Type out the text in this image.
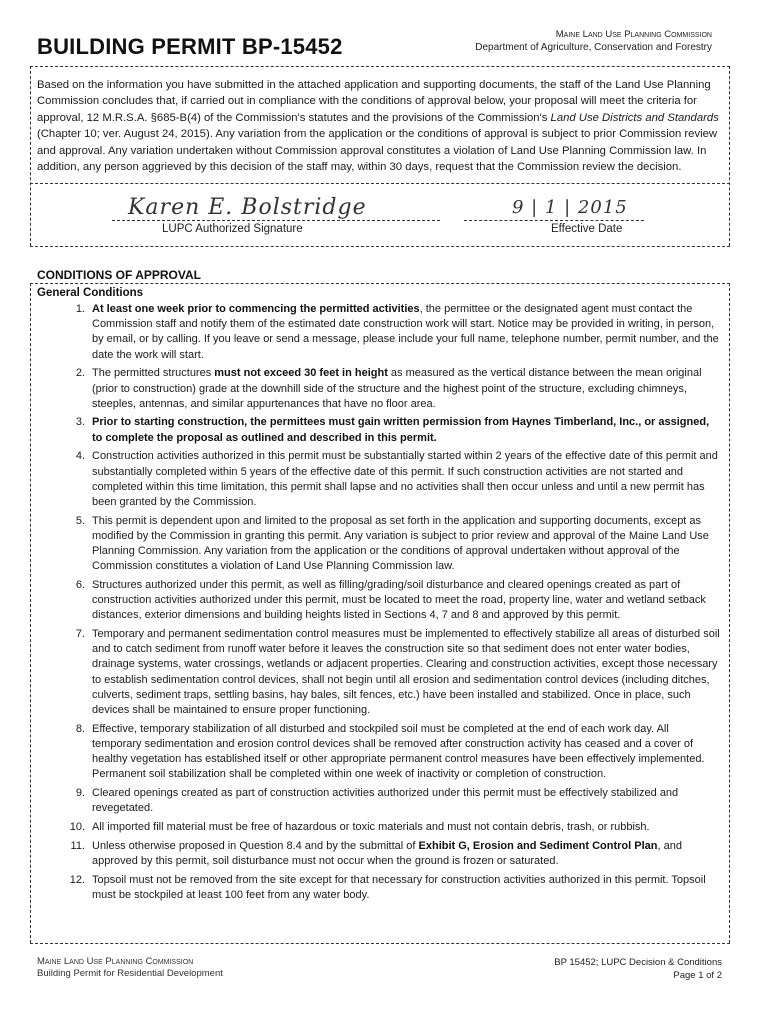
BUILDING PERMIT BP-15452	Maine Land Use Planning Commission
Department of Agriculture, Conservation and Forestry
Based on the information you have submitted in the attached application and supporting documents, the staff of the Land Use Planning Commission concludes that, if carried out in compliance with the conditions of approval below, your proposal will meet the criteria for approval, 12 M.R.S.A. §685-B(4) of the Commission's statutes and the provisions of the Commission's Land Use Districts and Standards (Chapter 10; ver. August 24, 2015). Any variation from the application or the conditions of approval is subject to prior Commission review and approval. Any variation undertaken without Commission approval constitutes a violation of Land Use Planning Commission law. In addition, any person aggrieved by this decision of the staff may, within 30 days, request that the Commission review the decision.
Karen E. Bolstridge
LUPC Authorized Signature
9 | 1 | 2015
Effective Date
CONDITIONS OF APPROVAL
General Conditions
1. At least one week prior to commencing the permitted activities, the permittee or the designated agent must contact the Commission staff and notify them of the estimated date construction work will start. Notice may be provided in writing, in person, by email, or by calling. If you leave or send a message, please include your full name, telephone number, permit number, and the date the work will start.
2. The permitted structures must not exceed 30 feet in height as measured as the vertical distance between the mean original (prior to construction) grade at the downhill side of the structure and the highest point of the structure, excluding chimneys, steeples, antennas, and similar appurtenances that have no floor area.
3. Prior to starting construction, the permittees must gain written permission from Haynes Timberland, Inc., or assigned, to complete the proposal as outlined and described in this permit.
4. Construction activities authorized in this permit must be substantially started within 2 years of the effective date of this permit and substantially completed within 5 years of the effective date of this permit. If such construction activities are not started and completed within this time limitation, this permit shall lapse and no activities shall then occur unless and until a new permit has been granted by the Commission.
5. This permit is dependent upon and limited to the proposal as set forth in the application and supporting documents, except as modified by the Commission in granting this permit. Any variation is subject to prior review and approval of the Maine Land Use Planning Commission. Any variation from the application or the conditions of approval undertaken without approval of the Commission constitutes a violation of Land Use Planning Commission law.
6. Structures authorized under this permit, as well as filling/grading/soil disturbance and cleared openings created as part of construction activities authorized under this permit, must be located to meet the road, property line, water and wetland setback distances, exterior dimensions and building heights listed in Sections 4, 7 and 8 and approved by this permit.
7. Temporary and permanent sedimentation control measures must be implemented to effectively stabilize all areas of disturbed soil and to catch sediment from runoff water before it leaves the construction site so that sediment does not enter water bodies, drainage systems, water crossings, wetlands or adjacent properties. Clearing and construction activities, except those necessary to establish sedimentation control devices, shall not begin until all erosion and sedimentation control devices (including ditches, culverts, sediment traps, settling basins, hay bales, silt fences, etc.) have been installed and stabilized. Once in place, such devices shall be maintained to ensure proper functioning.
8. Effective, temporary stabilization of all disturbed and stockpiled soil must be completed at the end of each work day. All temporary sedimentation and erosion control devices shall be removed after construction activity has ceased and a cover of healthy vegetation has established itself or other appropriate permanent control measures have been effectively implemented. Permanent soil stabilization shall be completed within one week of inactivity or completion of construction.
9. Cleared openings created as part of construction activities authorized under this permit must be effectively stabilized and revegetated.
10. All imported fill material must be free of hazardous or toxic materials and must not contain debris, trash, or rubbish.
11. Unless otherwise proposed in Question 8.4 and by the submittal of Exhibit G, Erosion and Sediment Control Plan, and approved by this permit, soil disturbance must not occur when the ground is frozen or saturated.
12. Topsoil must not be removed from the site except for that necessary for construction activities authorized in this permit. Topsoil must be stockpiled at least 100 feet from any water body.
Maine Land Use Planning Commission
Building Permit for Residential Development
BP 15452; LUPC Decision & Conditions
Page 1 of 2
